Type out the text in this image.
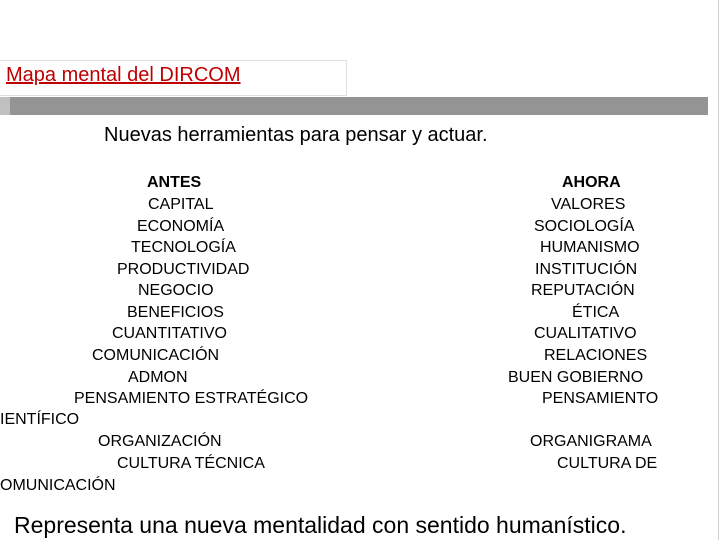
Mapa mental del DIRCOM
Nuevas herramientas para pensar y actuar.
ANTES
CAPITAL
ECONOMÍA
TECNOLOGÍA
PRODUCTIVIDAD
NEGOCIO
BENEFICIOS
CUANTITATIVO
COMUNICACIÓN
ADMON
PENSAMIENTO ESTRATÉGICO
IENTÍFICO
ORGANIZACIÓN
CULTURA TÉCNICA
OMUNICACIÓN
AHORA
VALORES
SOCIOLOGÍA
HUMANISMO
INSTITUCIÓN
REPUTACIÓN
ÉTICA
CUALITATIVO
RELACIONES
BUEN GOBIERNO
PENSAMIENTO
ORGANIGRAMA
CULTURA DE
Representa una nueva mentalidad con sentido humanístico.
